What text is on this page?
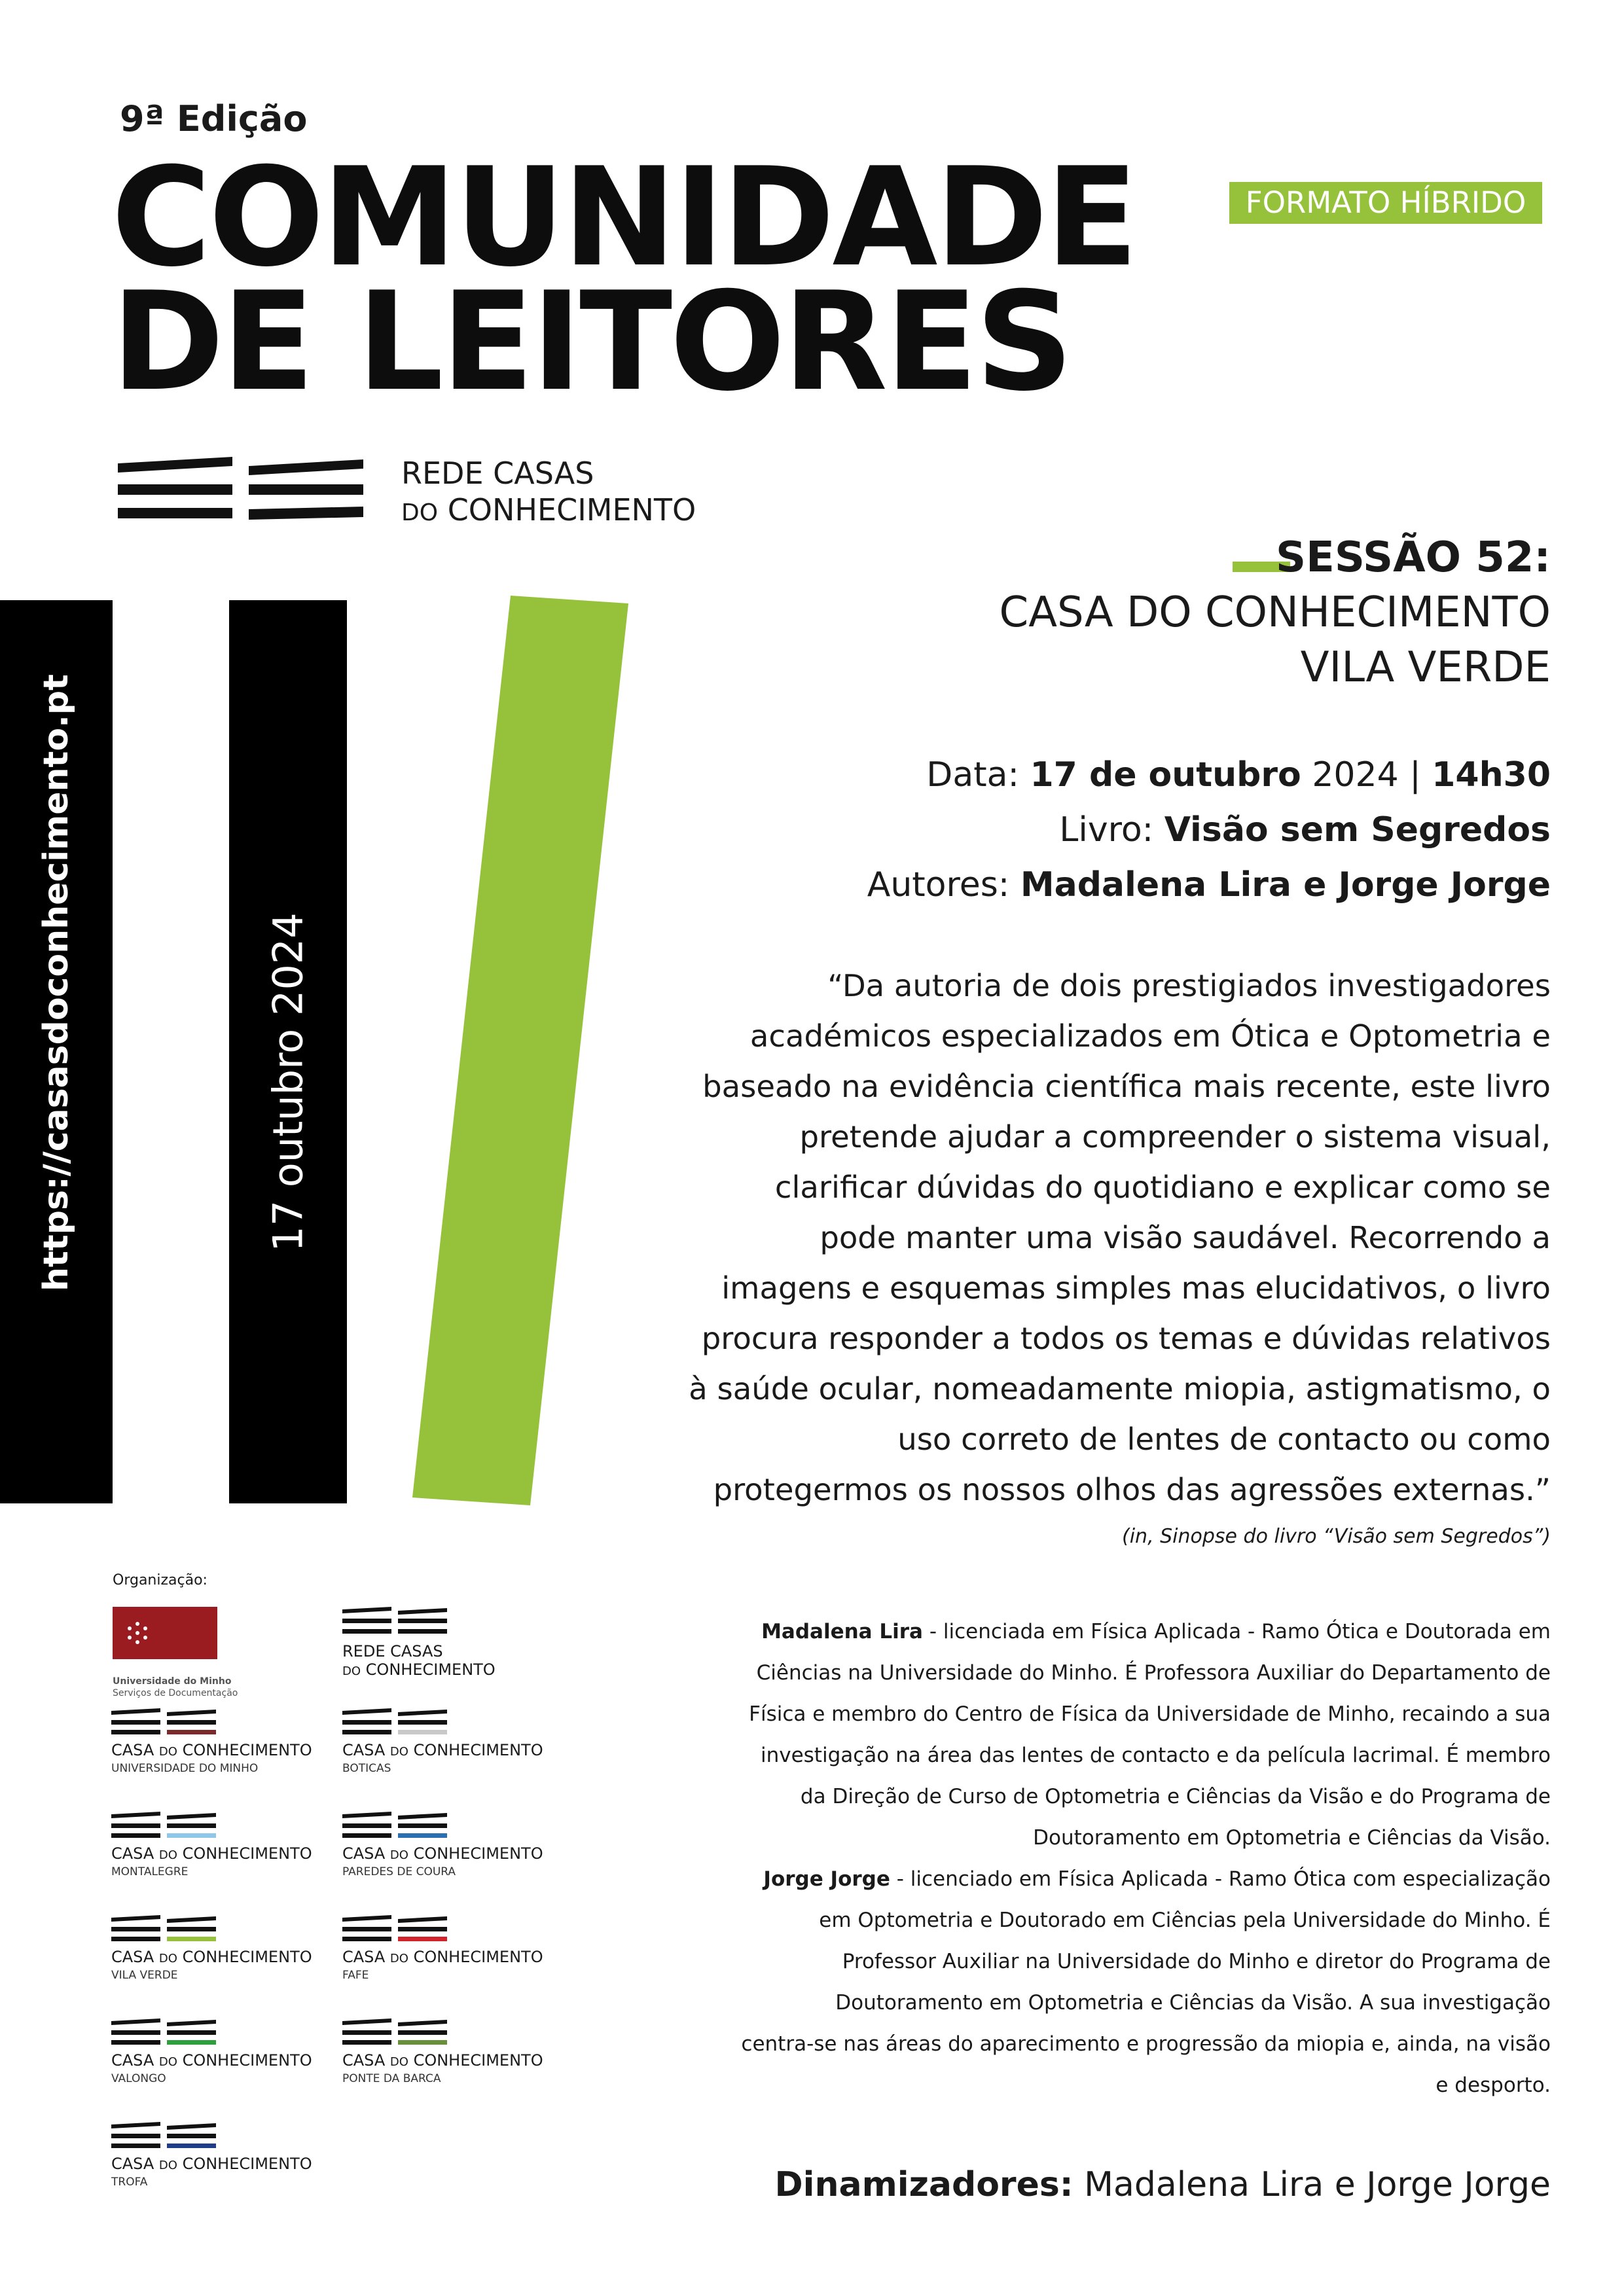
9ª Edição
COMUNIDADE
DE LEITORES
FORMATO HÍBRIDO
REDE CASAS
DO CONHECIMENTO
SESSÃO 52:
CASA DO CONHECIMENTO
VILA VERDE
Data: 17 de outubro 2024 | 14h30
Livro: Visão sem Segredos
Autores: Madalena Lira e Jorge Jorge
“Da autoria de dois prestigiados investigadores
académicos especializados em Ótica e Optometria e
baseado na evidência científica mais recente, este livro
pretende ajudar a compreender o sistema visual,
clarificar dúvidas do quotidiano e explicar como se
pode manter uma visão saudável. Recorrendo a
imagens e esquemas simples mas elucidativos, o livro
procura responder a todos os temas e dúvidas relativos
à saúde ocular, nomeadamente miopia, astigmatismo, o
uso correto de lentes de contacto ou como
protegermos os nossos olhos das agressões externas.”
(in, Sinopse do livro “Visão sem Segredos”)
Madalena Lira - licenciada em Física Aplicada - Ramo Ótica e Doutorada em
Ciências na Universidade do Minho. É Professora Auxiliar do Departamento de
Física e membro do Centro de Física da Universidade de Minho, recaindo a sua
investigação na área das lentes de contacto e da película lacrimal. É membro
da Direção de Curso de Optometria e Ciências da Visão e do Programa de
Doutoramento em Optometria e Ciências da Visão.
Jorge Jorge - licenciado em Física Aplicada - Ramo Ótica com especialização
em Optometria e Doutorado em Ciências pela Universidade do Minho. É
Professor Auxiliar na Universidade do Minho e diretor do Programa de
Doutoramento em Optometria e Ciências da Visão. A sua investigação
centra-se nas áreas do aparecimento e progressão da miopia e, ainda, na visão
e desporto.
Dinamizadores: Madalena Lira e Jorge Jorge
https://casasdoconhecimento.pt	17 outubro 2024
Organização:
Universidade do Minho
Serviços de Documentação
REDE CASAS
DO CONHECIMENTO
CASA DO CONHECIMENTO
UNIVERSIDADE DO MINHO
CASA DO CONHECIMENTO
BOTICAS
CASA DO CONHECIMENTO
MONTALEGRE
CASA DO CONHECIMENTO
PAREDES DE COURA
CASA DO CONHECIMENTO
VILA VERDE
CASA DO CONHECIMENTO
FAFE
CASA DO CONHECIMENTO
VALONGO
CASA DO CONHECIMENTO
PONTE DA BARCA
CASA DO CONHECIMENTO
TROFA
